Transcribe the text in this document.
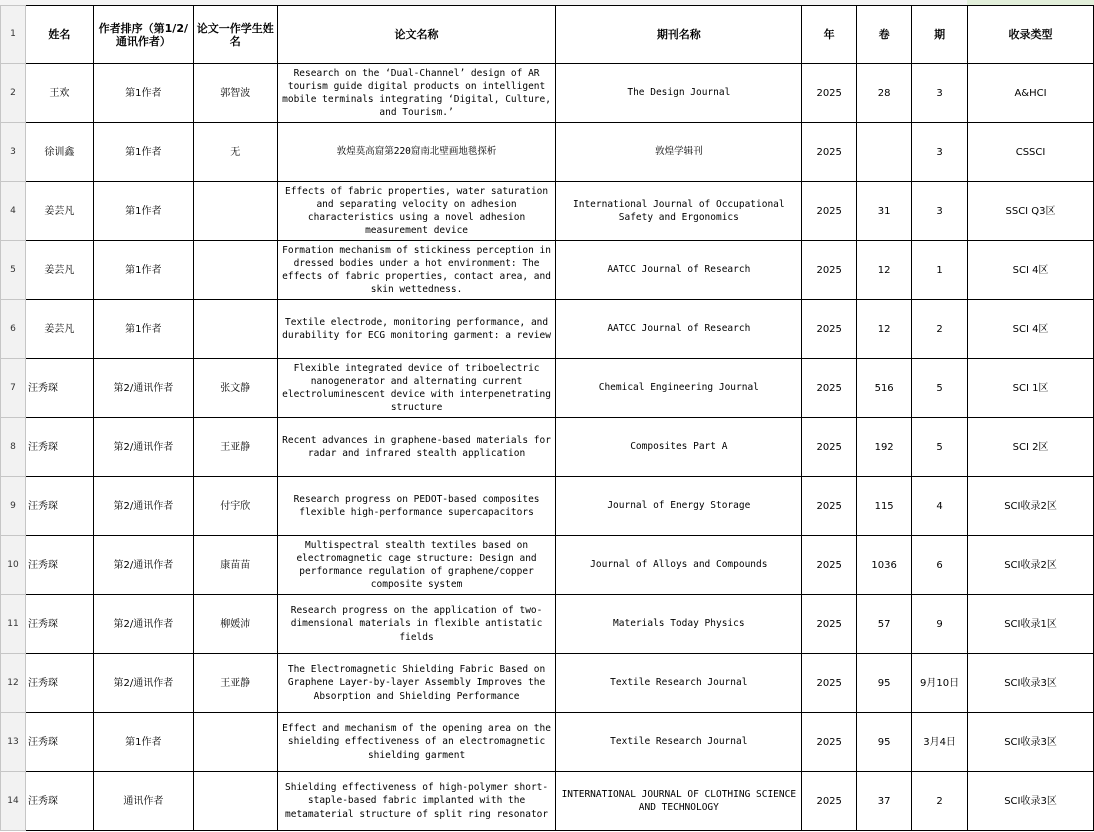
1	姓名	作者排序（第1/2/通讯作者）	论文一作学生姓名	论文名称	期刊名称	年	卷	期	收录类型
2	王欢	第1作者	郭智波	Research on the ‘Dual-Channel’ design of AR tourism guide digital products on intelligent mobile terminals integrating ‘Digital, Culture, and Tourism.’	The Design Journal	2025	28	3	A&HCI
3	徐训鑫	第1作者	无	敦煌莫高窟第220窟南北壁画地毯探析	敦煌学辑刊	2025		3	CSSCI
4	姜芸凡	第1作者		Effects of fabric properties, water saturation and separating velocity on adhesion characteristics using a novel adhesion measurement device	International Journal of Occupational Safety and Ergonomics	2025	31	3	SSCI Q3区
5	姜芸凡	第1作者		Formation mechanism of stickiness perception in dressed bodies under a hot environment: The effects of fabric properties, contact area, and skin wettedness.	AATCC Journal of Research	2025	12	1	SCI 4区
6	姜芸凡	第1作者		Textile electrode, monitoring performance, and durability for ECG monitoring garment: a review	AATCC Journal of Research	2025	12	2	SCI 4区
7	汪秀琛	第2/通讯作者	张文静	Flexible integrated device of triboelectric nanogenerator and alternating current electroluminescent device with interpenetrating structure	Chemical Engineering Journal	2025	516	5	SCI 1区
8	汪秀琛	第2/通讯作者	王亚静	Recent advances in graphene-based materials for radar and infrared stealth application	Composites Part A	2025	192	5	SCI 2区
9	汪秀琛	第2/通讯作者	付宇欣	Research progress on PEDOT-based composites flexible high-performance supercapacitors	Journal of Energy Storage	2025	115	4	SCI收录2区
10	汪秀琛	第2/通讯作者	康苗苗	Multispectral stealth textiles based on electromagnetic cage structure: Design and performance regulation of graphene/copper composite system	Journal of Alloys and Compounds	2025	1036	6	SCI收录2区
11	汪秀琛	第2/通讯作者	柳媛沛	Research progress on the application of two-dimensional materials in flexible antistatic fields	Materials Today Physics	2025	57	9	SCI收录1区
12	汪秀琛	第2/通讯作者	王亚静	The Electromagnetic Shielding Fabric Based on Graphene Layer-by-layer Assembly Improves the Absorption and Shielding Performance	Textile Research Journal	2025	95	9月10日	SCI收录3区
13	汪秀琛	第1作者		Effect and mechanism of the opening area on the shielding effectiveness of an electromagnetic shielding garment	Textile Research Journal	2025	95	3月4日	SCI收录3区
14	汪秀琛	通讯作者		Shielding effectiveness of high-polymer short-staple-based fabric implanted with the metamaterial structure of split ring resonator	INTERNATIONAL JOURNAL OF CLOTHING SCIENCE AND TECHNOLOGY	2025	37	2	SCI收录3区
